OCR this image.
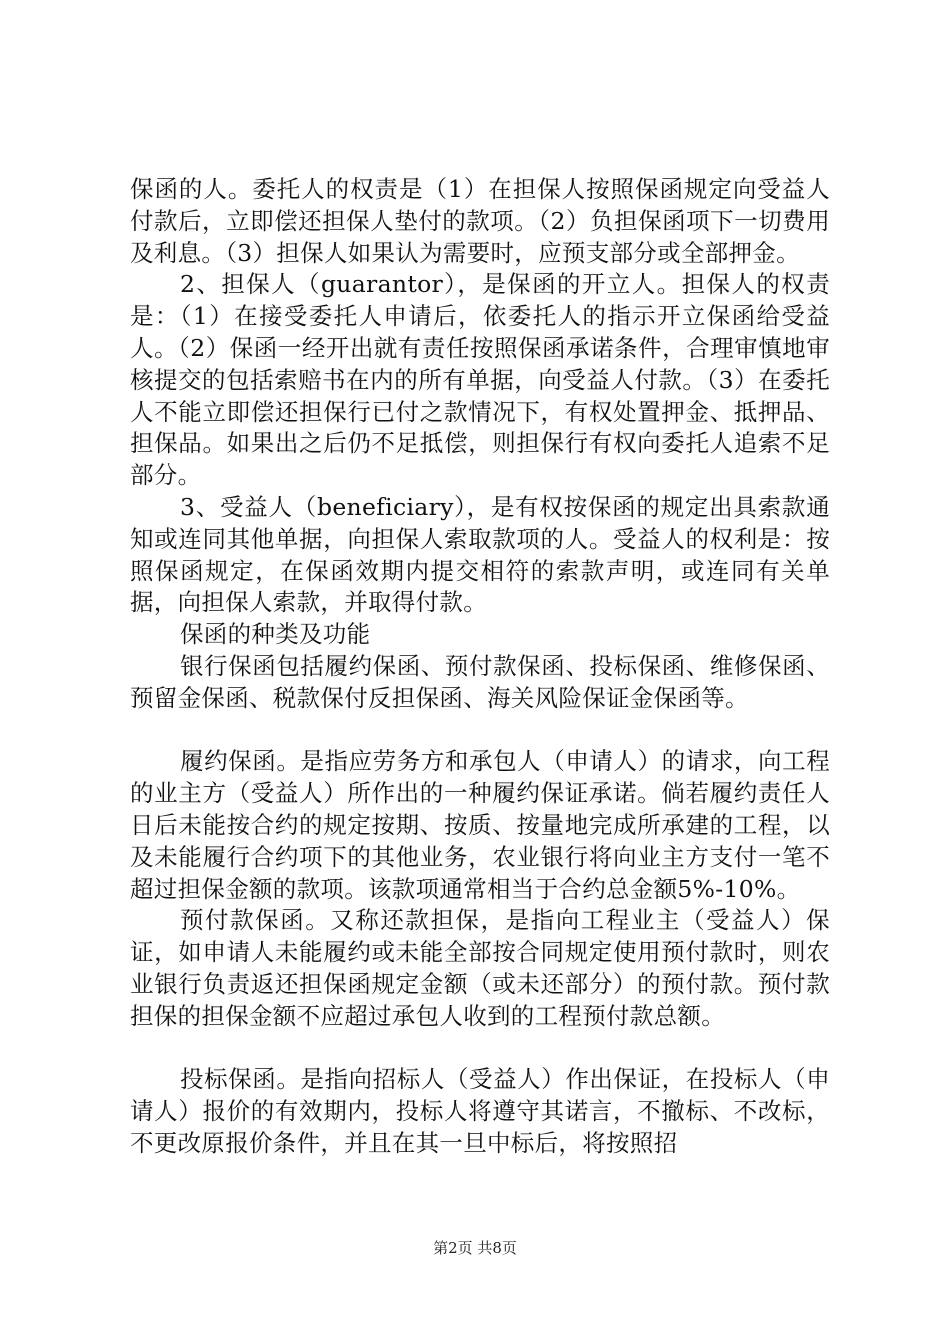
保函的人。委托人的权责是（1）在担保人按照保函规定向受益人付款后，立即偿还担保人垫付的款项。（2）负担保函项下一切费用及利息。（3）担保人如果认为需要时，应预支部分或全部押金。

2、担保人（guarantor），是保函的开立人。担保人的权责是：（1）在接受委托人申请后，依委托人的指示开立保函给受益人。（2）保函一经开出就有责任按照保函承诺条件，合理审慎地审核提交的包括索赔书在内的所有单据，向受益人付款。（3）在委托人不能立即偿还担保行已付之款情况下，有权处置押金、抵押品、担保品。如果出之后仍不足抵偿，则担保行有权向委托人追索不足部分。

3、受益人（beneficiary），是有权按保函的规定出具索款通知或连同其他单据，向担保人索取款项的人。受益人的权利是：按照保函规定，在保函效期内提交相符的索款声明，或连同有关单据，向担保人索款，并取得付款。

保函的种类及功能

银行保函包括履约保函、预付款保函、投标保函、维修保函、预留金保函、税款保付反担保函、海关风险保证金保函等。

履约保函。是指应劳务方和承包人（申请人）的请求，向工程的业主方（受益人）所作出的一种履约保证承诺。倘若履约责任人日后未能按合约的规定按期、按质、按量地完成所承建的工程，以及未能履行合约项下的其他业务，农业银行将向业主方支付一笔不超过担保金额的款项。该款项通常相当于合约总金额5%-10%。

预付款保函。又称还款担保，是指向工程业主（受益人）保证，如申请人未能履约或未能全部按合同规定使用预付款时，则农业银行负责返还担保函规定金额（或未还部分）的预付款。预付款担保的担保金额不应超过承包人收到的工程预付款总额。

投标保函。是指向招标人（受益人）作出保证，在投标人（申请人）报价的有效期内，投标人将遵守其诺言，不撤标、不改标，不更改原报价条件，并且在其一旦中标后，将按照招

第2页 共8页
